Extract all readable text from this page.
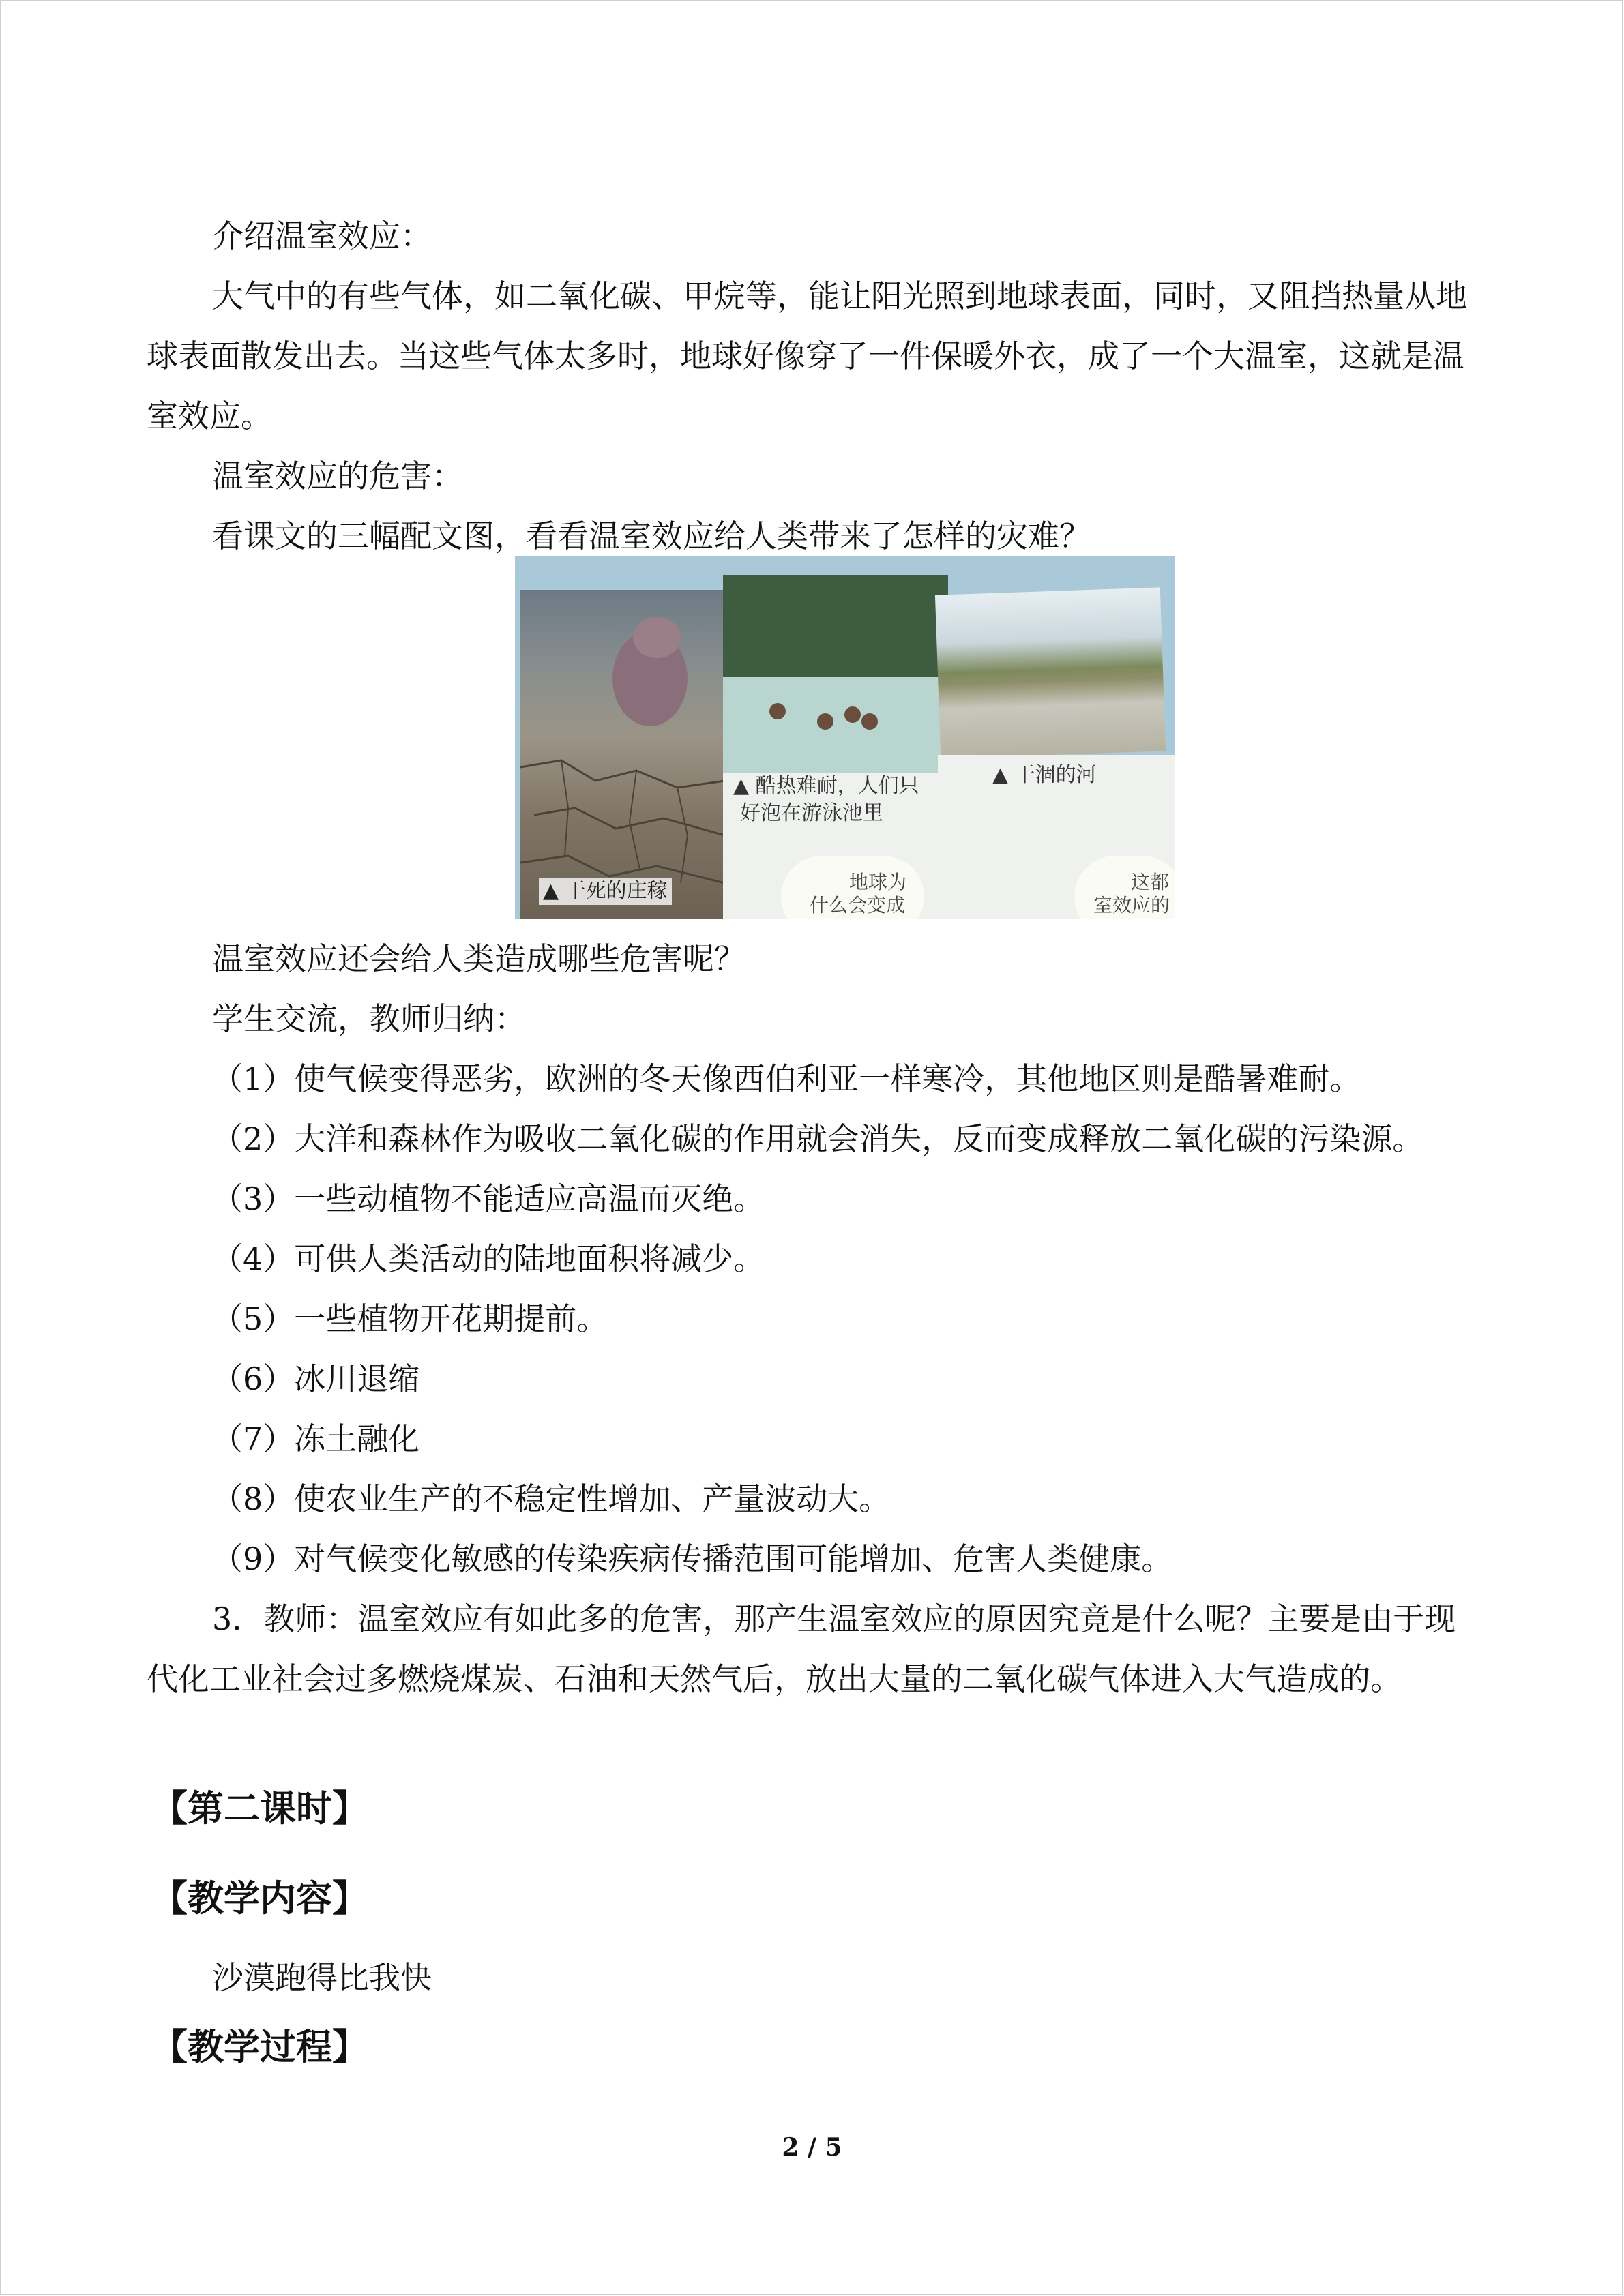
介绍温室效应：

大气中的有些气体，如二氧化碳、甲烷等，能让阳光照到地球表面，同时，又阻挡热量从地球表面散发出去。当这些气体太多时，地球好像穿了一件保暖外衣，成了一个大温室，这就是温室效应。

温室效应的危害：

看课文的三幅配文图，看看温室效应给人类带来了怎样的灾难？

▲ 干死的庄稼
▲ 酷热难耐，人们只
好泡在游泳池里
▲ 干涸的河
地球为
什么会变成
这都
室效应的

温室效应还会给人类造成哪些危害呢？

学生交流，教师归纳：

（1）使气候变得恶劣，欧洲的冬天像西伯利亚一样寒冷，其他地区则是酷暑难耐。

（2）大洋和森林作为吸收二氧化碳的作用就会消失，反而变成释放二氧化碳的污染源。

（3）一些动植物不能适应高温而灭绝。

（4）可供人类活动的陆地面积将减少。

（5）一些植物开花期提前。

（6）冰川退缩

（7）冻土融化

（8）使农业生产的不稳定性增加、产量波动大。

（9）对气候变化敏感的传染疾病传播范围可能增加、危害人类健康。

3．教师：温室效应有如此多的危害，那产生温室效应的原因究竟是什么呢？主要是由于现代化工业社会过多燃烧煤炭、石油和天然气后，放出大量的二氧化碳气体进入大气造成的。

【第二课时】

【教学内容】

沙漠跑得比我快

【教学过程】

2 / 5
